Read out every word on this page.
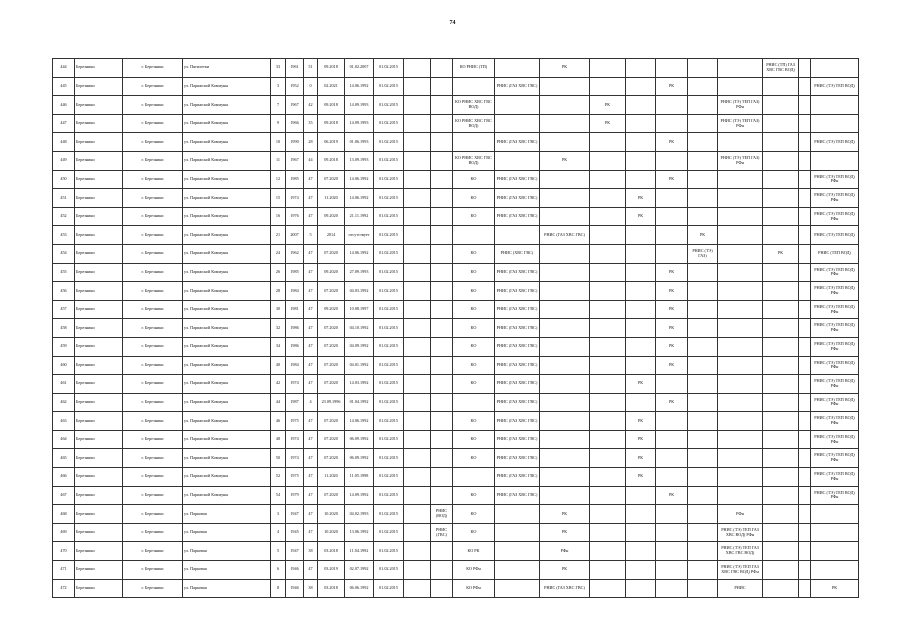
74
444	Березники	г. Березники	ул. Пятилетки	33	1961	51	09.2018	01.02.2007	01.02.2015			КО РНИС (ТП)		РК						РНИС (ТП) ГАЗ ХВС ГВС ВОД)		
445	Березники	г. Березники	ул. Парижской Коммуны	3	1952	0	02.2021	14.06.1992	01.02.2015				РНИС (ГАЗ ХВС ГВС)				РК					РНИС (ТЭ) ТЕП ВОД)
446	Березники	г. Березники	ул. Парижской Коммуны	7	1967	42	09.2018	14.09.1993	01.02.2015			КО РНИС ХВС ГВС ВОД)			РК				РНИС (ТЭ) ТЕП ГАЗ) РФн			
447	Березники	г. Березники	ул. Парижской Коммуны	9	1966	35	09.2018	14.09.1993	01.02.2015			КО РНИС ХВС ГВС ВОД)			РК				РНИС (ТЭ) ТЕП ГАЗ) РФн			
448	Березники	г. Березники	ул. Парижской Коммуны	10	1990	28	06.2019	01.06.1993	01.02.2015				РНИС (ГАЗ ХВС ГВС)				РК					РНИС (ТЭ) ТЕП ВОД)
449	Березники	г. Березники	ул. Парижской Коммуны	11	1967	44	09.2018	13.09.1993	01.02.2015			КО РНИС ХВС ГВС ВОД)		РК					РНИС (ТЭ) ТЕП ГАЗ) РФн			
450	Березники	г. Березники	ул. Парижской Коммуны	12	1985	47	07.2020	14.06.1992	01.02.2015			КО	РНИС (ГАЗ ХВС ГВС)				РК					РНИС (ТЭ) ТЕП ВОД) РФн
451	Березники	г. Березники	ул. Парижской Коммуны	15	1974	47	11.2020	14.06.1992	01.02.2015			КО	РНИС (ГАЗ ХВС ГВС)			РК						РНИС (ТЭ) ТЕП ВОД) РФн
452	Березники	г. Березники	ул. Парижской Коммуны	16	1976	47	09.2020	21.11.1992	01.02.2015			КО	РНИС (ГАЗ ХВС ГВС)			РК						РНИС (ТЭ) ТЕП ВОД) РФн
453	Березники	г. Березники	ул. Парижской Коммуны	21	2007	5	2014	отсутствует	01.02.2015					РНИС (ГАЗ ХВС ГВС)				РК				РНИС (ТЭ) ТЕП ВОД)
454	Березники	г. Березники	ул. Парижской Коммуны	24	1962	47	07.2020	14.06.1992	01.02.2015			КО	РНИС (ХВС ГВС)					РНИС (ТЭ) ГАЗ)		РК		РНИС (ТЕП ВОД)
455	Березники	г. Березники	ул. Парижской Коммуны	26	1985	47	09.2020	27.09.1993	01.02.2015			КО	РНИС (ГАЗ ХВС ГВС)				РК					РНИС (ТЭ) ТЕП ВОД) РФн
456	Березники	г. Березники	ул. Парижской Коммуны	28	1984	47	07.2020	04.03.1992	01.02.2015			КО	РНИС (ГАЗ ХВС ГВС)				РК					РНИС (ТЭ) ТЕП ВОД) РФн
457	Березники	г. Березники	ул. Парижской Коммуны	30	1981	47	09.2020	10.08.1997	01.02.2015			КО	РНИС (ГАЗ ХВС ГВС)				РК					РНИС (ТЭ) ТЕП ВОД) РФн
458	Березники	г. Березники	ул. Парижской Коммуны	32	1986	47	07.2020	04.10.1992	01.02.2015			КО	РНИС (ГАЗ ХВС ГВС)				РК					РНИС (ТЭ) ТЕП ВОД) РФн
459	Березники	г. Березники	ул. Парижской Коммуны	34	1986	47	07.2020	04.09.1992	01.02.2015			КО	РНИС (ГАЗ ХВС ГВС)				РК					РНИС (ТЭ) ТЕП ВОД) РФн
460	Березники	г. Березники	ул. Парижской Коммуны	40	1984	47	07.2020	04.01.1992	01.02.2015			КО	РНИС (ГАЗ ХВС ГВС)				РК					РНИС (ТЭ) ТЕП ВОД) РФн
461	Березники	г. Березники	ул. Парижской Коммуны	42	1974	47	07.2020	14.03.1992	01.02.2015			КО	РНИС (ГАЗ ХВС ГВС)			РК						РНИС (ТЭ) ТЕП ВОД) РФн
462	Березники	г. Березники	ул. Парижской Коммуны	44	1987	4	23.09.1996	01.04.1992	01.02.2015				РНИС (ГАЗ ХВС ГВС)				РК					РНИС (ТЭ) ТЕП ВОД) РФн
463	Березники	г. Березники	ул. Парижской Коммуны	46	1975	47	07.2020	14.06.1992	01.02.2015			КО	РНИС (ГАЗ ХВС ГВС)			РК						РНИС (ТЭ) ТЕП ВОД) РФн
464	Березники	г. Березники	ул. Парижской Коммуны	48	1974	47	07.2020	06.09.1992	01.02.2015			КО	РНИС (ГАЗ ХВС ГВС)			РК						РНИС (ТЭ) ТЕП ВОД) РФн
465	Березники	г. Березники	ул. Парижской Коммуны	50	1974	47	07.2020	06.09.1992	01.02.2015			КО	РНИС (ГАЗ ХВС ГВС)			РК						РНИС (ТЭ) ТЕП ВОД) РФн
466	Березники	г. Березники	ул. Парижской Коммуны	52	1975	47	11.2020	11.05.1998	01.02.2015				РНИС (ГАЗ ХВС ГВС)			РК						РНИС (ТЭ) ТЕП ВОД) РФн
467	Березники	г. Березники	ул. Парижской Коммуны	54	1979	47	07.2020	14.09.1992	01.02.2015			КО	РНИС (ГАЗ ХВС ГВС)				РК					РНИС (ТЭ) ТЕП ВОД) РФн
468	Березники	г. Березники	ул. Парковая	3	1947	47	10.2020	04.02.1993	01.02.2015		РНИС (ВОД)	КО		РК					РФн			
469	Березники	г. Березники	ул. Парковая	4	1945	47	10.2020	13.06.1992	01.02.2015		РНИС (ГВС)	КО		РК					РНИС (ТЭ) ТЕП ГАЗ ХВС ВОД) РФн			
470	Березники	г. Березники	ул. Парковая	5	1947	38	03.2018	11.04.1992	01.02.2015			КО РК		РФн					РНИС (ТЭ) ТЕП ГАЗ ХВС ГВС ВОД)			
471	Березники	г. Березники	ул. Парковая	6	1946	47	03.2019	02.07.1992	01.02.2015			КО РФн		РК					РНИС (ТЭ) ТЕП ГАЗ ХВС ГВС ВОД) РФн			
472	Березники	г. Березники	ул. Парковая	8	1946	38	03.2018	06.06.1992	01.02.2015			КО РФн		РНИС (ГАЗ ХВС ГВС)					РНИС			РК
